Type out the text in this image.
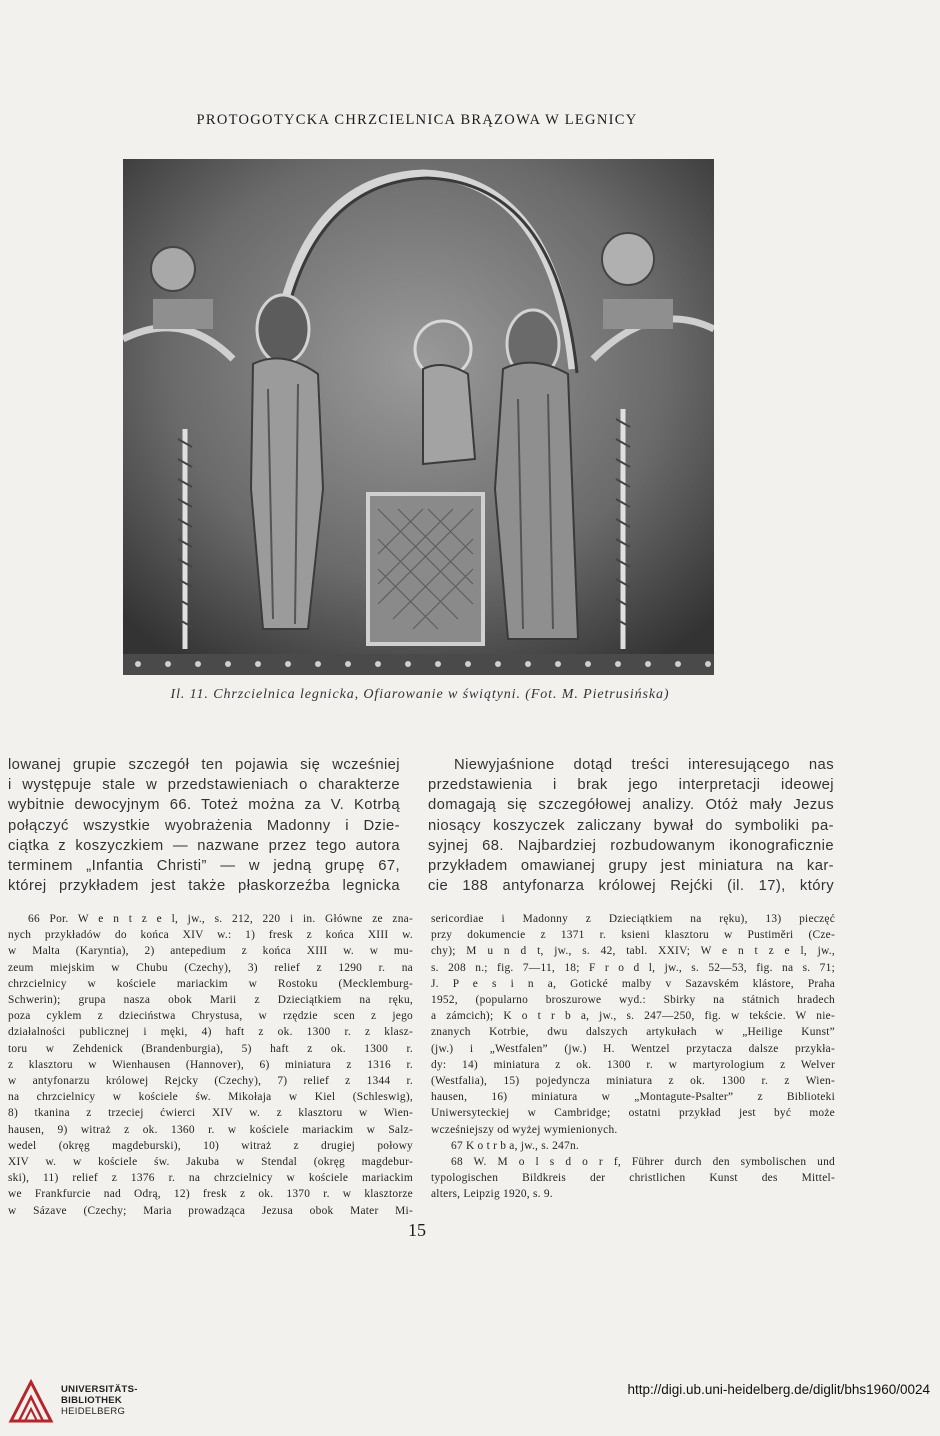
PROTOGOTYCKA CHRZCIELNICA BRĄZOWA W LEGNICY
Il. 11. Chrzcielnica legnicka, Ofiarowanie w świątyni. (Fot. M. Pietrusińska)
lowanej grupie szczegół ten pojawia się wcześniej
i występuje stale w przedstawieniach o charakterze
wybitnie dewocyjnym 66. Toteż można za V. Kotrbą
połączyć wszystkie wyobrażenia Madonny i Dzie-
ciątka z koszyczkiem — nazwane przez tego autora
terminem „Infantia Christi” — w jedną grupę 67,
której przykładem jest także płaskorzeźba legnicka
Niewyjaśnione dotąd treści interesującego nas
przedstawienia i brak jego interpretacji ideowej
domagają się szczegółowej analizy. Otóż mały Jezus
niosący koszyczek zaliczany bywał do symboliki pa-
syjnej 68. Najbardziej rozbudowanym ikonograficznie
przykładem omawianej grupy jest miniatura na kar-
cie 188 antyfonarza królowej Rejćki (il. 17), który
66 Por. W e n t z e l, jw., s. 212, 220 i in. Główne ze zna-
nych przykładów do końca XIV w.: 1) fresk z końca XIII w.
w Malta (Karyntia), 2) antepedium z końca XIII w. w mu-
zeum miejskim w Chubu (Czechy), 3) relief z 1290 r. na
chrzcielnicy w kościele mariackim w Rostoku (Mecklemburg-
Schwerin); grupa nasza obok Marii z Dzieciątkiem na ręku,
poza cyklem z dzieciństwa Chrystusa, w rzędzie scen z jego
działalności publicznej i męki, 4) haft z ok. 1300 r. z klasz-
toru w Zehdenick (Brandenburgia), 5) haft z ok. 1300 r.
z klasztoru w Wienhausen (Hannover), 6) miniatura z 1316 r.
w antyfonarzu królowej Rejcky (Czechy), 7) relief z 1344 r.
na chrzcielnicy w kościele św. Mikołaja w Kiel (Schleswig),
8) tkanina z trzeciej ćwierci XIV w. z klasztoru w Wien-
hausen, 9) witraż z ok. 1360 r. w kościele mariackim w Salz-
wedel (okręg magdeburski), 10) witraż z drugiej połowy
XIV w. w kościele św. Jakuba w Stendal (okręg magdebur-
ski), 11) relief z 1376 r. na chrzcielnicy w kościele mariackim
we Frankfurcie nad Odrą, 12) fresk z ok. 1370 r. w klasztorze
w Sázave (Czechy; Maria prowadząca Jezusa obok Mater Mi-
sericordiae i Madonny z Dzieciątkiem na ręku), 13) pieczęć
przy dokumencie z 1371 r. ksieni klasztoru w Pustiměri (Cze-
chy); M u n d t, jw., s. 42, tabl. XXIV; W e n t z e l, jw.,
s. 208 n.; fig. 7—11, 18; F r o d l, jw., s. 52—53, fig. na s. 71;
J. P e s i n a, Gotické malby v Sazavském klástore, Praha
1952, (popularno broszurowe wyd.: Sbirky na státnich hradech
a zámcich); K o t r b a, jw., s. 247—250, fig. w tekście. W nie-
znanych Kotrbie, dwu dalszych artykułach w „Heilige Kunst”
(jw.) i „Westfalen” (jw.) H. Wentzel przytacza dalsze przykła-
dy: 14) miniatura z ok. 1300 r. w martyrologium z Welver
(Westfalia), 15) pojedyncza miniatura z ok. 1300 r. z Wien-
hausen, 16) miniatura w „Montagute-Psalter” z Biblioteki
Uniwersyteckiej w Cambridge; ostatni przykład jest być może
wcześniejszy od wyżej wymienionych.
67 K o t r b a, jw., s. 247n.
68 W. M o l s d o r f, Führer durch den symbolischen und
typologischen Bildkreis der christlichen Kunst des Mittel-
alters, Leipzig 1920, s. 9.
15
UNIVERSITÄTS-
BIBLIOTHEK
HEIDELBERG
http://digi.ub.uni-heidelberg.de/diglit/bhs1960/0024
